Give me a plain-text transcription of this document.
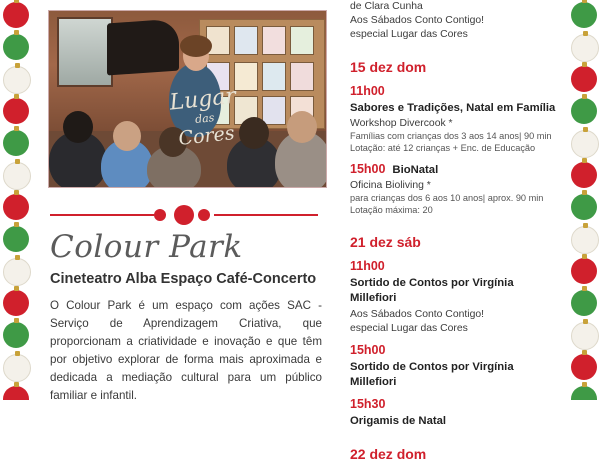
Lugar
das
Cores
Colour Park
Cineteatro Alba Espaço Café-Concerto
O Colour Park é um espaço com ações SAC - Serviço de Aprendizagem Criativa, que proporcionam a criatividade e inovação e que têm por objetivo explorar de forma mais aproximada e dedicada a mediação cultural para um público familiar e infantil.

de Clara Cunha

Aos Sábados Conto Contigo!

especial Lugar das Cores

15 dez dom

11h00

Sabores e Tradições, Natal em Família

Workshop Divercook *

Famílias com crianças dos 3 aos 14 anos| 90 min

Lotação: até 12 crianças + Enc. de Educação

15h00 BioNatal

Oficina Bioliving *

para crianças dos 6 aos 10 anos| aprox. 90 min

Lotação máxima: 20

21 dez sáb

11h00

Sortido de Contos por Virgínia Millefiori

Aos Sábados Conto Contigo!

especial Lugar das Cores

15h00

Sortido de Contos por Virgínia Millefiori

15h30

Origamis de Natal

22 dez dom
